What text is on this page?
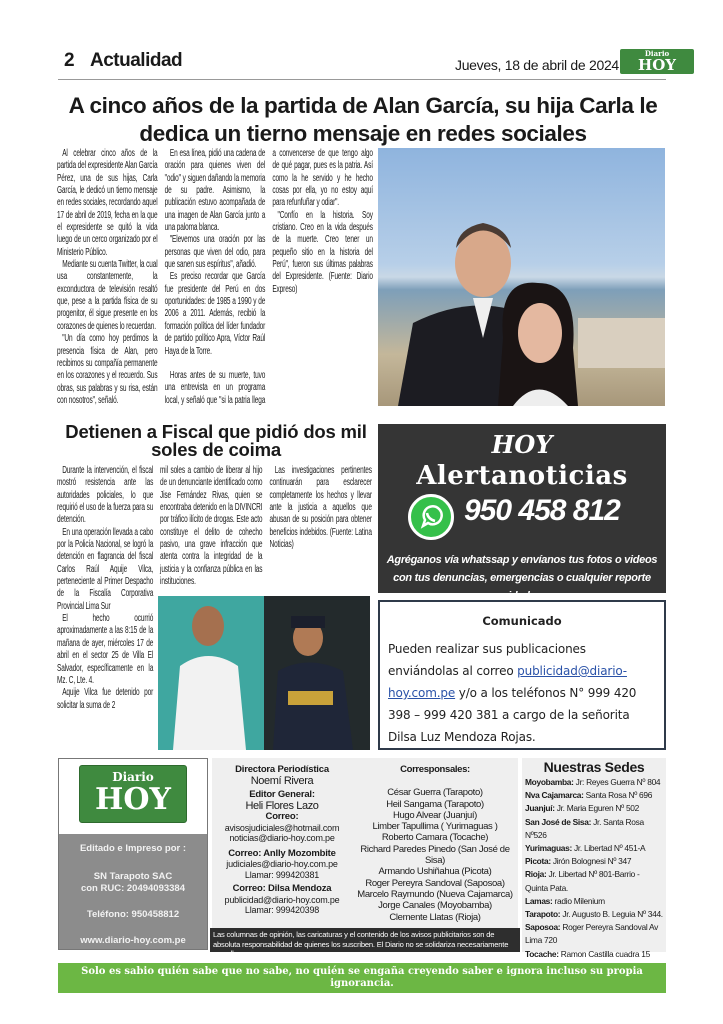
2 Actualidad	Jueves, 18 de abril de 2024
Diario
HOY
A cinco años de la partida de Alan García, su hija Carla le dedica un tierno mensaje en redes sociales

Al celebrar cinco años de la partida del expresidente Alan García Pérez, una de sus hijas, Carla García, le dedicó un tierno mensaje en redes sociales, recordando aquel 17 de abril de 2019, fecha en la que el expresidente se quitó la vida luego de un cerco organizado por el Ministerio Público.

Mediante su cuenta Twitter, la cual usa constantemente, la exconductora de televisión resaltó que, pese a la partida física de su progenitor, él sigue presente en los corazones de quienes lo recuerdan.

"Un día como hoy perdimos la presencia física de Alan, pero recibimos su compañía permanente en los corazones y el recuerdo. Sus obras, sus palabras y su risa, están con nosotros", señaló.

En esa línea, pidió una cadena de oración para quienes viven del "odio" y siguen dañando la memoria de su padre. Asimismo, la publicación estuvo acompañada de una imagen de Alan García junto a una paloma blanca.

"Elevemos una oración por las personas que viven del odio, para que sanen sus espíritus", añadió.

Es preciso recordar que García fue presidente del Perú en dos oportunidades: de 1985 a 1990 y de 2006 a 2011. Además, recibió la formación política del líder fundador de partido político Apra, Víctor Raúl Haya de la Torre.

Horas antes de su muerte, tuvo una entrevista en un programa local, y señaló que "si la patria llega a convencerse de que tengo algo de qué pagar, pues es la patria. Así como la he servido y he hecho cosas por ella, yo no estoy aquí para refunfuñar y odiar".

"Confío en la historia. Soy cristiano. Creo en la vida después de la muerte. Creo tener un pequeño sitio en la historia del Perú", fueron sus últimas palabras del Expresidente. (Fuente: Diario Expreso)

Detienen a Fiscal que pidió dos mil soles de coima

Durante la intervención, el fiscal mostró resistencia ante las autoridades policiales, lo que requirió el uso de la fuerza para su detención.

En una operación llevada a cabo por la Policía Nacional, se logró la detención en flagrancia del fiscal Carlos Raúl Aquije Vilca, perteneciente al Primer Despacho de la Fiscalía Corporativa Provincial Lima Sur

El hecho ocurrió aproximadamente a las 8:15 de la mañana de ayer, miércoles 17 de abril en el sector 25 de Villa El Salvador, específicamente en la Mz. C, Lte. 4.

Aquije Vilca fue detenido por solicitar la suma de 2

mil soles a cambio de liberar al hijo de un denunciante identificado como Jise Fernández Rivas, quien se encontraba detenido en la DIVINCRI por tráfico ilícito de drogas. Este acto constituye el delito de cohecho pasivo, una grave infracción que atenta contra la integridad de la justicia y la confianza pública en las instituciones.

Las investigaciones pertinentes continuarán para esclarecer completamente los hechos y llevar ante la justicia a aquellos que abusan de su posición para obtener beneficios indebidos. (Fuente: Latina Noticias)

HOY
Alertanoticias
950 458 812
Agréganos vía whatssap y envíanos tus fotos o videos con tus denuncias, emergencias o cualquier reporte cuidadano
Comunicado
Pueden realizar sus publicaciones enviándolas al correo publicidad@diario-hoy.com.pe y/o a los teléfonos N° 999 420 398 – 999 420 381 a cargo de la señorita Dilsa Luz Mendoza Rojas.
Diario
HOY
Editado e Impreso por :
SN Tarapoto SAC
con RUC: 20494093384
Teléfono: 950458812
www.diario-hoy.com.pe
Directora Periodística
Noemí Rivera
Editor General:
Heli Flores Lazo
Correo:
avisosjudiciales@hotmail.com
noticias@diario-hoy.com.pe
Correo: Anlly Mozombite
judiciales@diario-hoy.com.pe
Llamar: 999420381
Correo: Dilsa Mendoza
publicidad@diario-hoy.com.pe
Llamar: 999420398
Corresponsales:
César Guerra (Tarapoto)
Heil Sangama (Tarapoto)
Hugo Alvear (Juanjuí)
Limber Tapullima ( Yurimaguas )
Roberto Camara (Tocache)
Richard Paredes Pinedo (San José de Sisa)
Armando Ushiñahua (Picota)
Roger Pereyra Sandoval (Saposoa)
Marcelo Raymundo (Nueva Cajamarca)
Jorge Canales (Moyobamba)
Clemente Llatas (Rioja)
Las columnas de opinión, las caricaturas y el contenido de los avisos publicitarios son de absoluta responsabilidad de quienes los suscriben. El Diario no se solidariza necesariamente con ellos.
Nuestras Sedes
Moyobamba: Jr: Reyes Guerra Nº 804
Nva Cajamarca: Santa Rosa Nº 696
Juanjuí: Jr. Maria Eguren Nº 502
San José de Sisa: Jr. Santa Rosa Nº526
Yurimaguas: Jr. Libertad Nº 451-A
Picota: Jirón Bolognesi Nº 347
Rioja: Jr. Libertad Nº 801-Barrio - Quinta Pata.
Lamas: radio Milenium
Tarapoto: Jr. Augusto B. Leguia Nº 344.
Saposoa: Roger Pereyra Sandoval Av Lima 720
Tocache: Ramon Castilla cuadra 15
Solo es sabio quién sabe que no sabe, no quién se engaña creyendo saber e ignora incluso su propia ignorancia.
